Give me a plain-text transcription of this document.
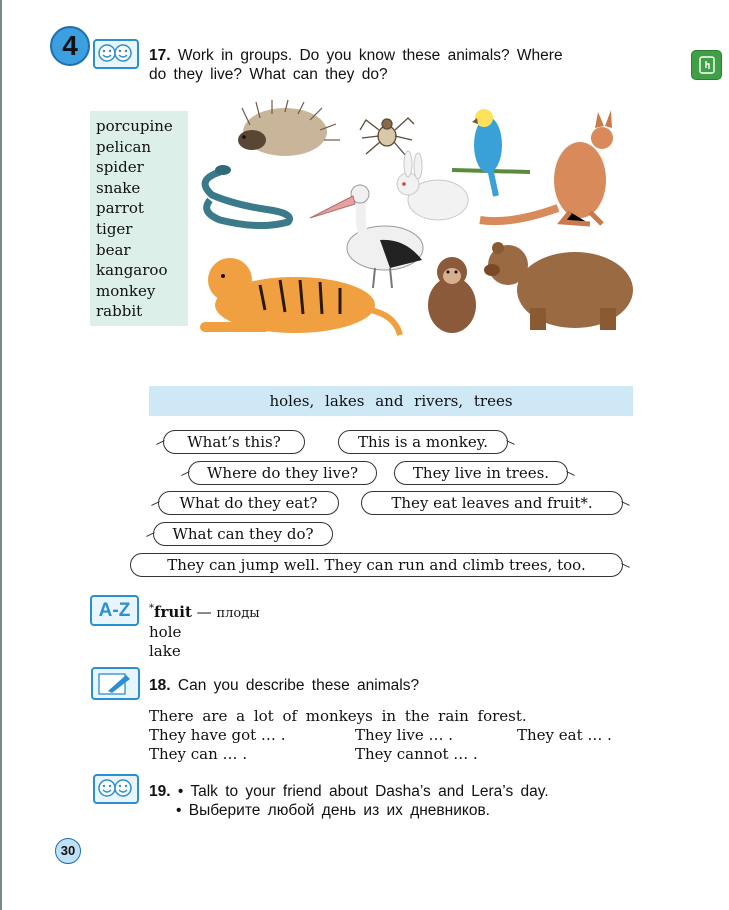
4	17. Work in groups. Do you know these animals? Where
do they live? What can they do?
porcupine
pelican
spider
snake
parrot
tiger
bear
kangaroo
monkey
rabbit
holes, lakes and rivers, trees
What’s this?	This is a monkey.
Where do they live?	They live in trees.
What do they eat?	They eat leaves and fruit*.
What can they do?
They can jump well. They can run and climb trees, too.
A-Z	*fruit — плоды
hole
lake
18. Can you describe these animals?
There are a lot of monkeys in the rain forest.
They have got … .	They live … .	They eat … .
They can … .	They cannot … .
19. • Talk to your friend about Dasha’s and Lera’s day.
• Выберите любой день из их дневников.
30
